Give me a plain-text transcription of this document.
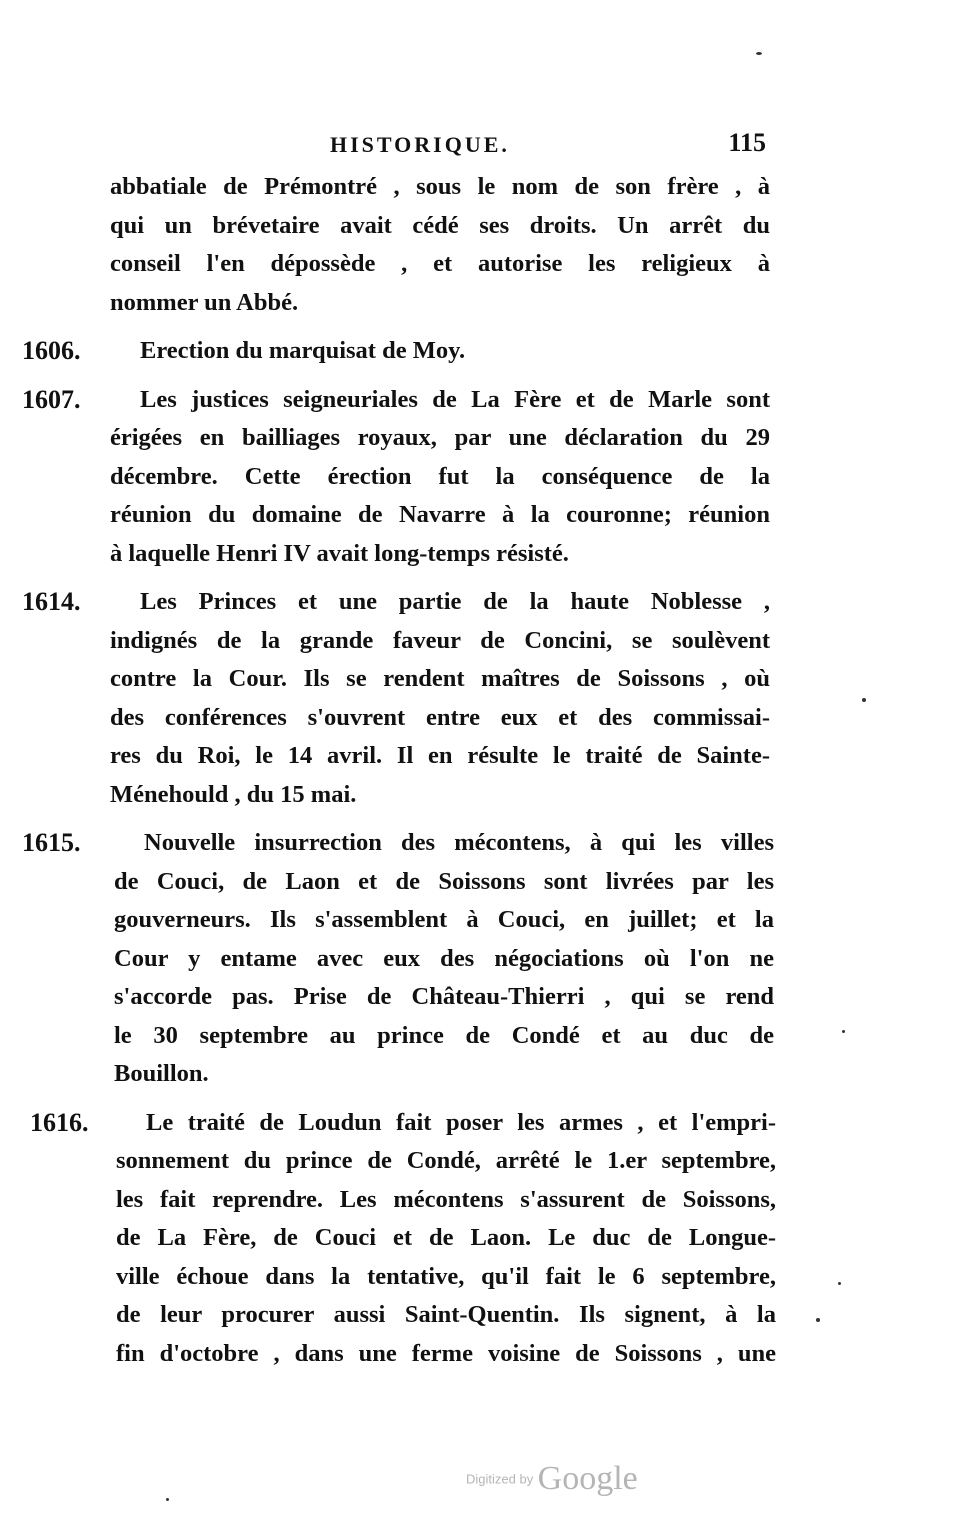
HISTORIQUE.	115
abbatiale de Prémontré , sous le nom de son frère , à
qui un brévetaire avait cédé ses droits. Un arrêt du
conseil l'en dépossède , et autorise les religieux à
nommer un Abbé.
1606. Erection du marquisat de Moy.
1607.	Les justices seigneuriales de La Fère et de Marle sont
érigées en bailliages royaux, par une déclaration du 29
décembre. Cette érection fut la conséquence de la
réunion du domaine de Navarre à la couronne; réunion
à laquelle Henri IV avait long-temps résisté.
1614.	Les Princes et une partie de la haute Noblesse ,
indignés de la grande faveur de Concini, se soulèvent
contre la Cour. Ils se rendent maîtres de Soissons , où
des conférences s'ouvrent entre eux et des commissai-
res du Roi, le 14 avril. Il en résulte le traité de Sainte-
Ménehould , du 15 mai.
1615.	Nouvelle insurrection des mécontens, à qui les villes
de Couci, de Laon et de Soissons sont livrées par les
gouverneurs. Ils s'assemblent à Couci, en juillet; et la
Cour y entame avec eux des négociations où l'on ne
s'accorde pas. Prise de Château-Thierri , qui se rend
le 30 septembre au prince de Condé et au duc de
Bouillon.
1616.	Le traité de Loudun fait poser les armes , et l'empri-
sonnement du prince de Condé, arrêté le 1.er septembre,
les fait reprendre. Les mécontens s'assurent de Soissons,
de La Fère, de Couci et de Laon. Le duc de Longue-
ville échoue dans la tentative, qu'il fait le 6 septembre,
de leur procurer aussi Saint-Quentin. Ils signent, à la
fin d'octobre , dans une ferme voisine de Soissons , une
Digitized by Google
